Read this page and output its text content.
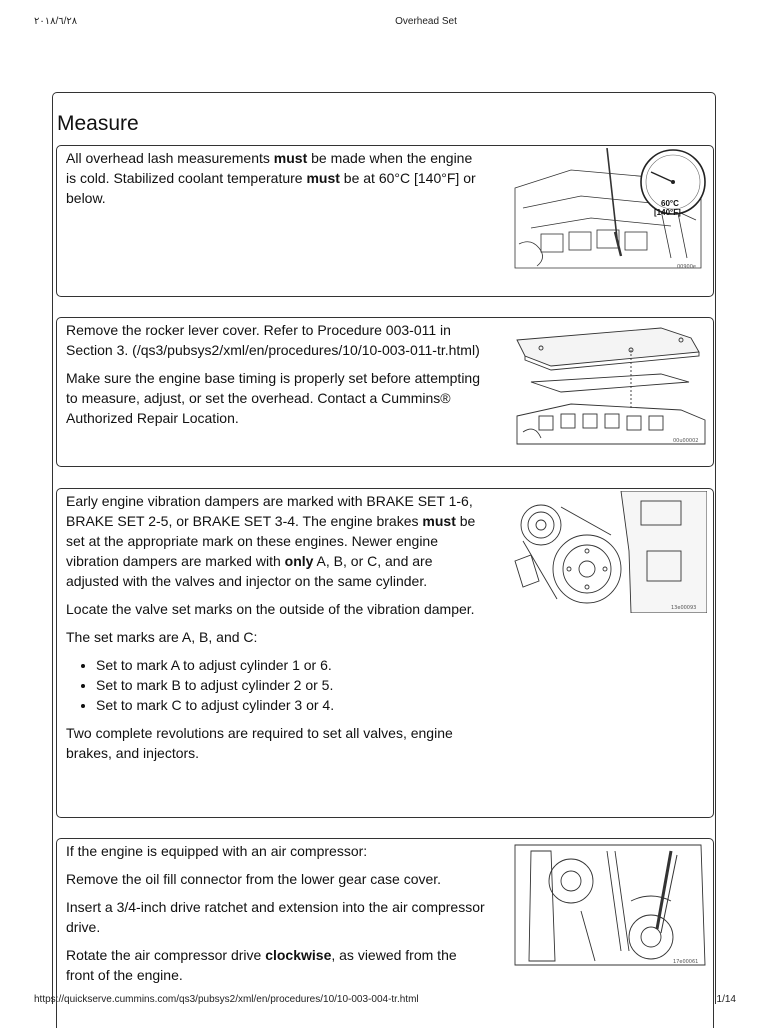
٢٠١٨/٦/٢٨	Overhead Set
Measure

All overhead lash measurements must be made when the engine is cold. Stabilized coolant temperature must be at 60°C [140°F] or below.	60°C
[140°F]
00900e

Remove the rocker lever cover. Refer to Procedure 003-011 in Section 3. (/qs3/pubsys2/xml/en/procedures/10/10-003-011-tr.html)

Make sure the engine base timing is properly set before attempting to measure, adjust, or set the overhead. Contact a Cummins® Authorized Repair Location.

00u00002

Early engine vibration dampers are marked with BRAKE SET 1-6, BRAKE SET 2-5, or BRAKE SET 3-4. The engine brakes must be set at the appropriate mark on these engines. Newer engine vibration dampers are marked with only A, B, or C, and are adjusted with the valves and injector on the same cylinder.

Locate the valve set marks on the outside of the vibration damper.

The set marks are A, B, and C:

• Set to mark A to adjust cylinder 1 or 6.
• Set to mark B to adjust cylinder 2 or 5.
• Set to mark C to adjust cylinder 3 or 4.

Two complete revolutions are required to set all valves, engine brakes, and injectors.

13e00093

If the engine is equipped with an air compressor:

Remove the oil fill connector from the lower gear case cover.

Insert a 3/4-inch drive ratchet and extension into the air compressor drive.

Rotate the air compressor drive clockwise, as viewed from the front of the engine.

17e00061
https://quickserve.cummins.com/qs3/pubsys2/xml/en/procedures/10/10-003-004-tr.html	1/14
